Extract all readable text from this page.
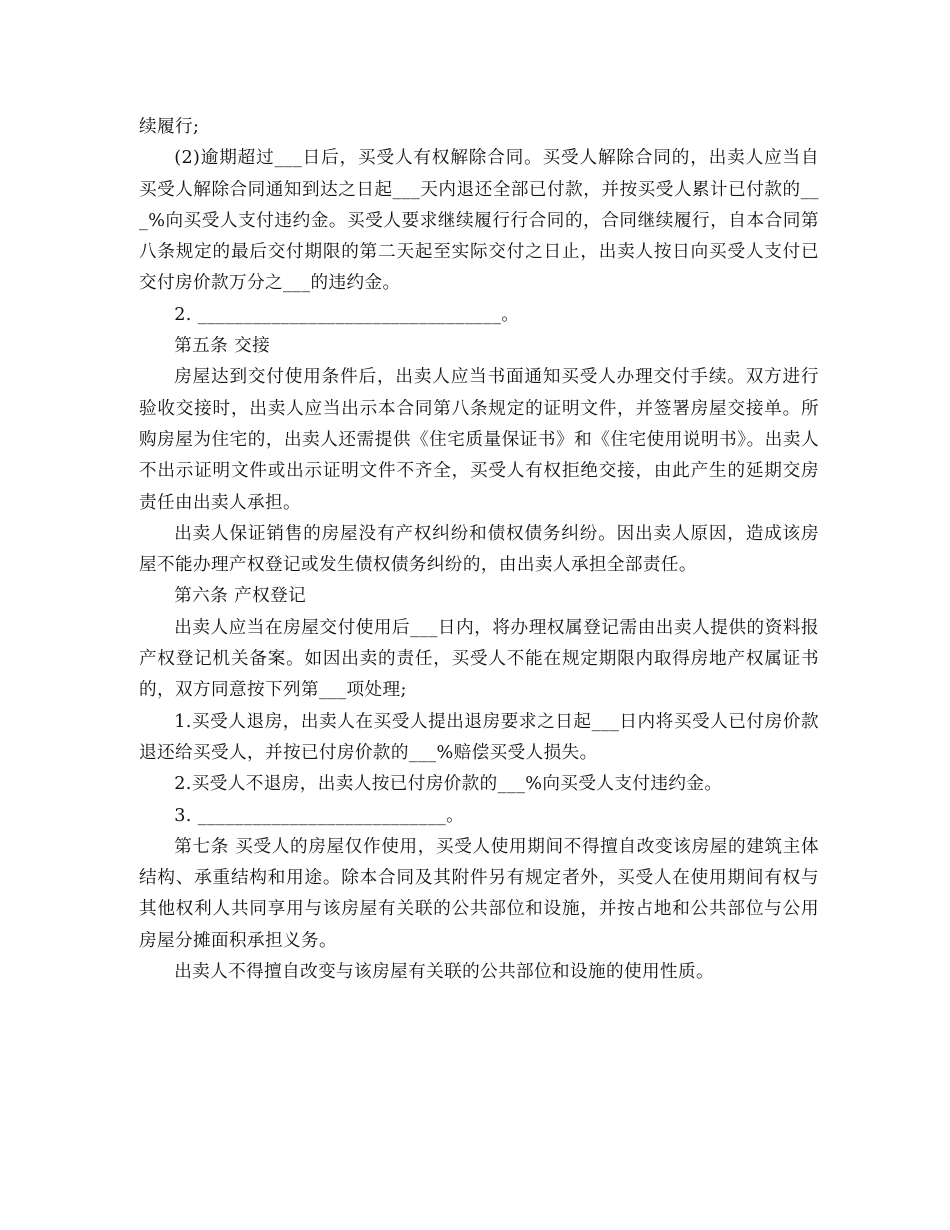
续履行;

(2)逾期超过___日后，买受人有权解除合同。买受人解除合同的，出卖人应当自买受人解除合同通知到达之日起___天内退还全部已付款，并按买受人累计已付款的___%向买受人支付违约金。买受人要求继续履行行合同的，合同继续履行，自本合同第八条规定的最后交付期限的第二天起至实际交付之日止，出卖人按日向买受人支付已交付房价款万分之___的违约金。

2. _________________________________。

第五条 交接

房屋达到交付使用条件后，出卖人应当书面通知买受人办理交付手续。双方进行验收交接时，出卖人应当出示本合同第八条规定的证明文件，并签署房屋交接单。所购房屋为住宅的，出卖人还需提供《住宅质量保证书》和《住宅使用说明书》。出卖人不出示证明文件或出示证明文件不齐全，买受人有权拒绝交接，由此产生的延期交房责任由出卖人承担。

出卖人保证销售的房屋没有产权纠纷和债权债务纠纷。因出卖人原因，造成该房屋不能办理产权登记或发生债权债务纠纷的，由出卖人承担全部责任。

第六条 产权登记

出卖人应当在房屋交付使用后___日内，将办理权属登记需由出卖人提供的资料报产权登记机关备案。如因出卖的责任，买受人不能在规定期限内取得房地产权属证书的，双方同意按下列第___项处理;

1.买受人退房，出卖人在买受人提出退房要求之日起___日内将买受人已付房价款退还给买受人，并按已付房价款的___%赔偿买受人损失。

2.买受人不退房，出卖人按已付房价款的___%向买受人支付违约金。

3. ___________________________。

第七条 买受人的房屋仅作使用，买受人使用期间不得擅自改变该房屋的建筑主体结构、承重结构和用途。除本合同及其附件另有规定者外，买受人在使用期间有权与其他权利人共同享用与该房屋有关联的公共部位和设施，并按占地和公共部位与公用房屋分摊面积承担义务。

出卖人不得擅自改变与该房屋有关联的公共部位和设施的使用性质。
